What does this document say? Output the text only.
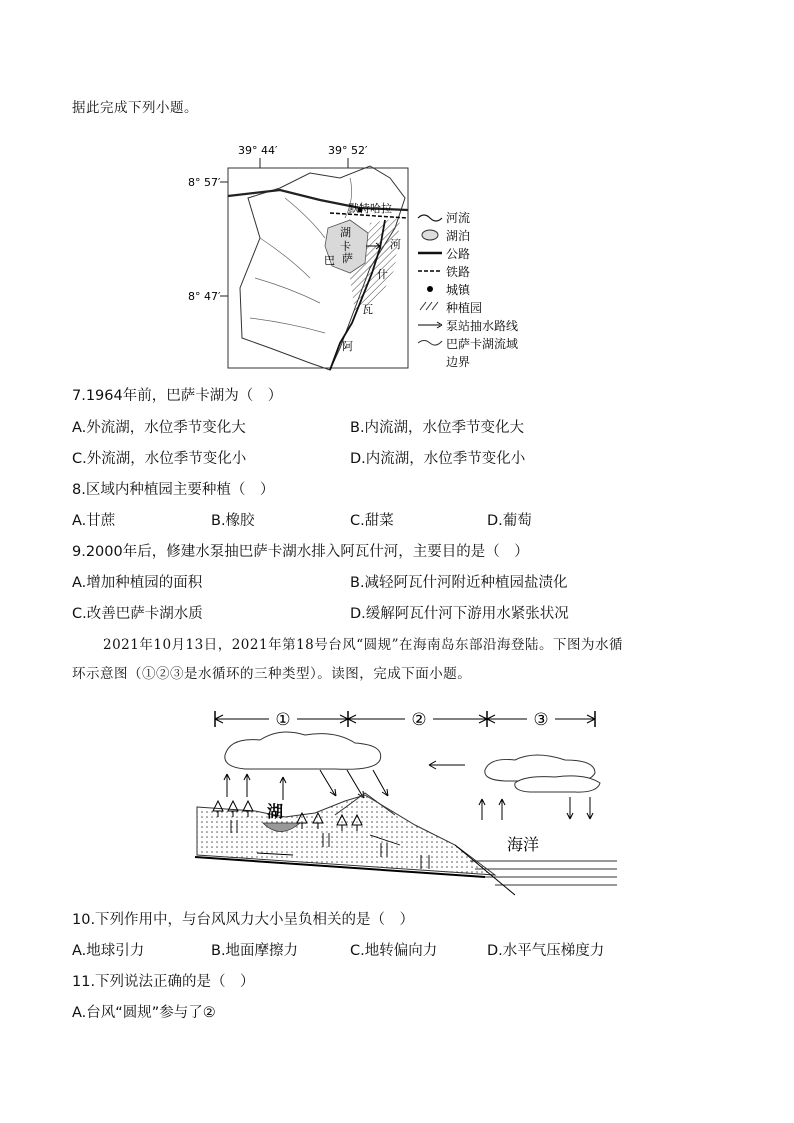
据此完成下列小题。
39° 44′	39° 52′
8° 57′
8° 47′
默特哈拉
湖
卡
萨
巴
河
什
瓦
阿
河流
湖泊
公路
铁路
城镇
种植园
泵站抽水路线
巴萨卡湖流域
边界
7.1964年前，巴萨卡湖为（　）
A.外流湖，水位季节变化大	B.内流湖，水位季节变化大
C.外流湖，水位季节变化小	D.内流湖，水位季节变化小
8.区域内种植园主要种植（　）
A.甘蔗	B.橡胶	C.甜菜	D.葡萄
9.2000年后，修建水泵抽巴萨卡湖水排入阿瓦什河，主要目的是（　）
A.增加种植园的面积	B.减轻阿瓦什河附近种植园盐渍化
C.改善巴萨卡湖水质	D.缓解阿瓦什河下游用水紧张状况
2021年10月13日，2021年第18号台风“圆规”在海南岛东部沿海登陆。下图为水循
环示意图（①②③是水循环的三种类型）。读图，完成下面小题。
①	②	③
湖
海洋
10.下列作用中，与台风风力大小呈负相关的是（　）
A.地球引力	B.地面摩擦力	C.地转偏向力	D.水平气压梯度力
11.下列说法正确的是（　）
A.台风“圆规”参与了②
